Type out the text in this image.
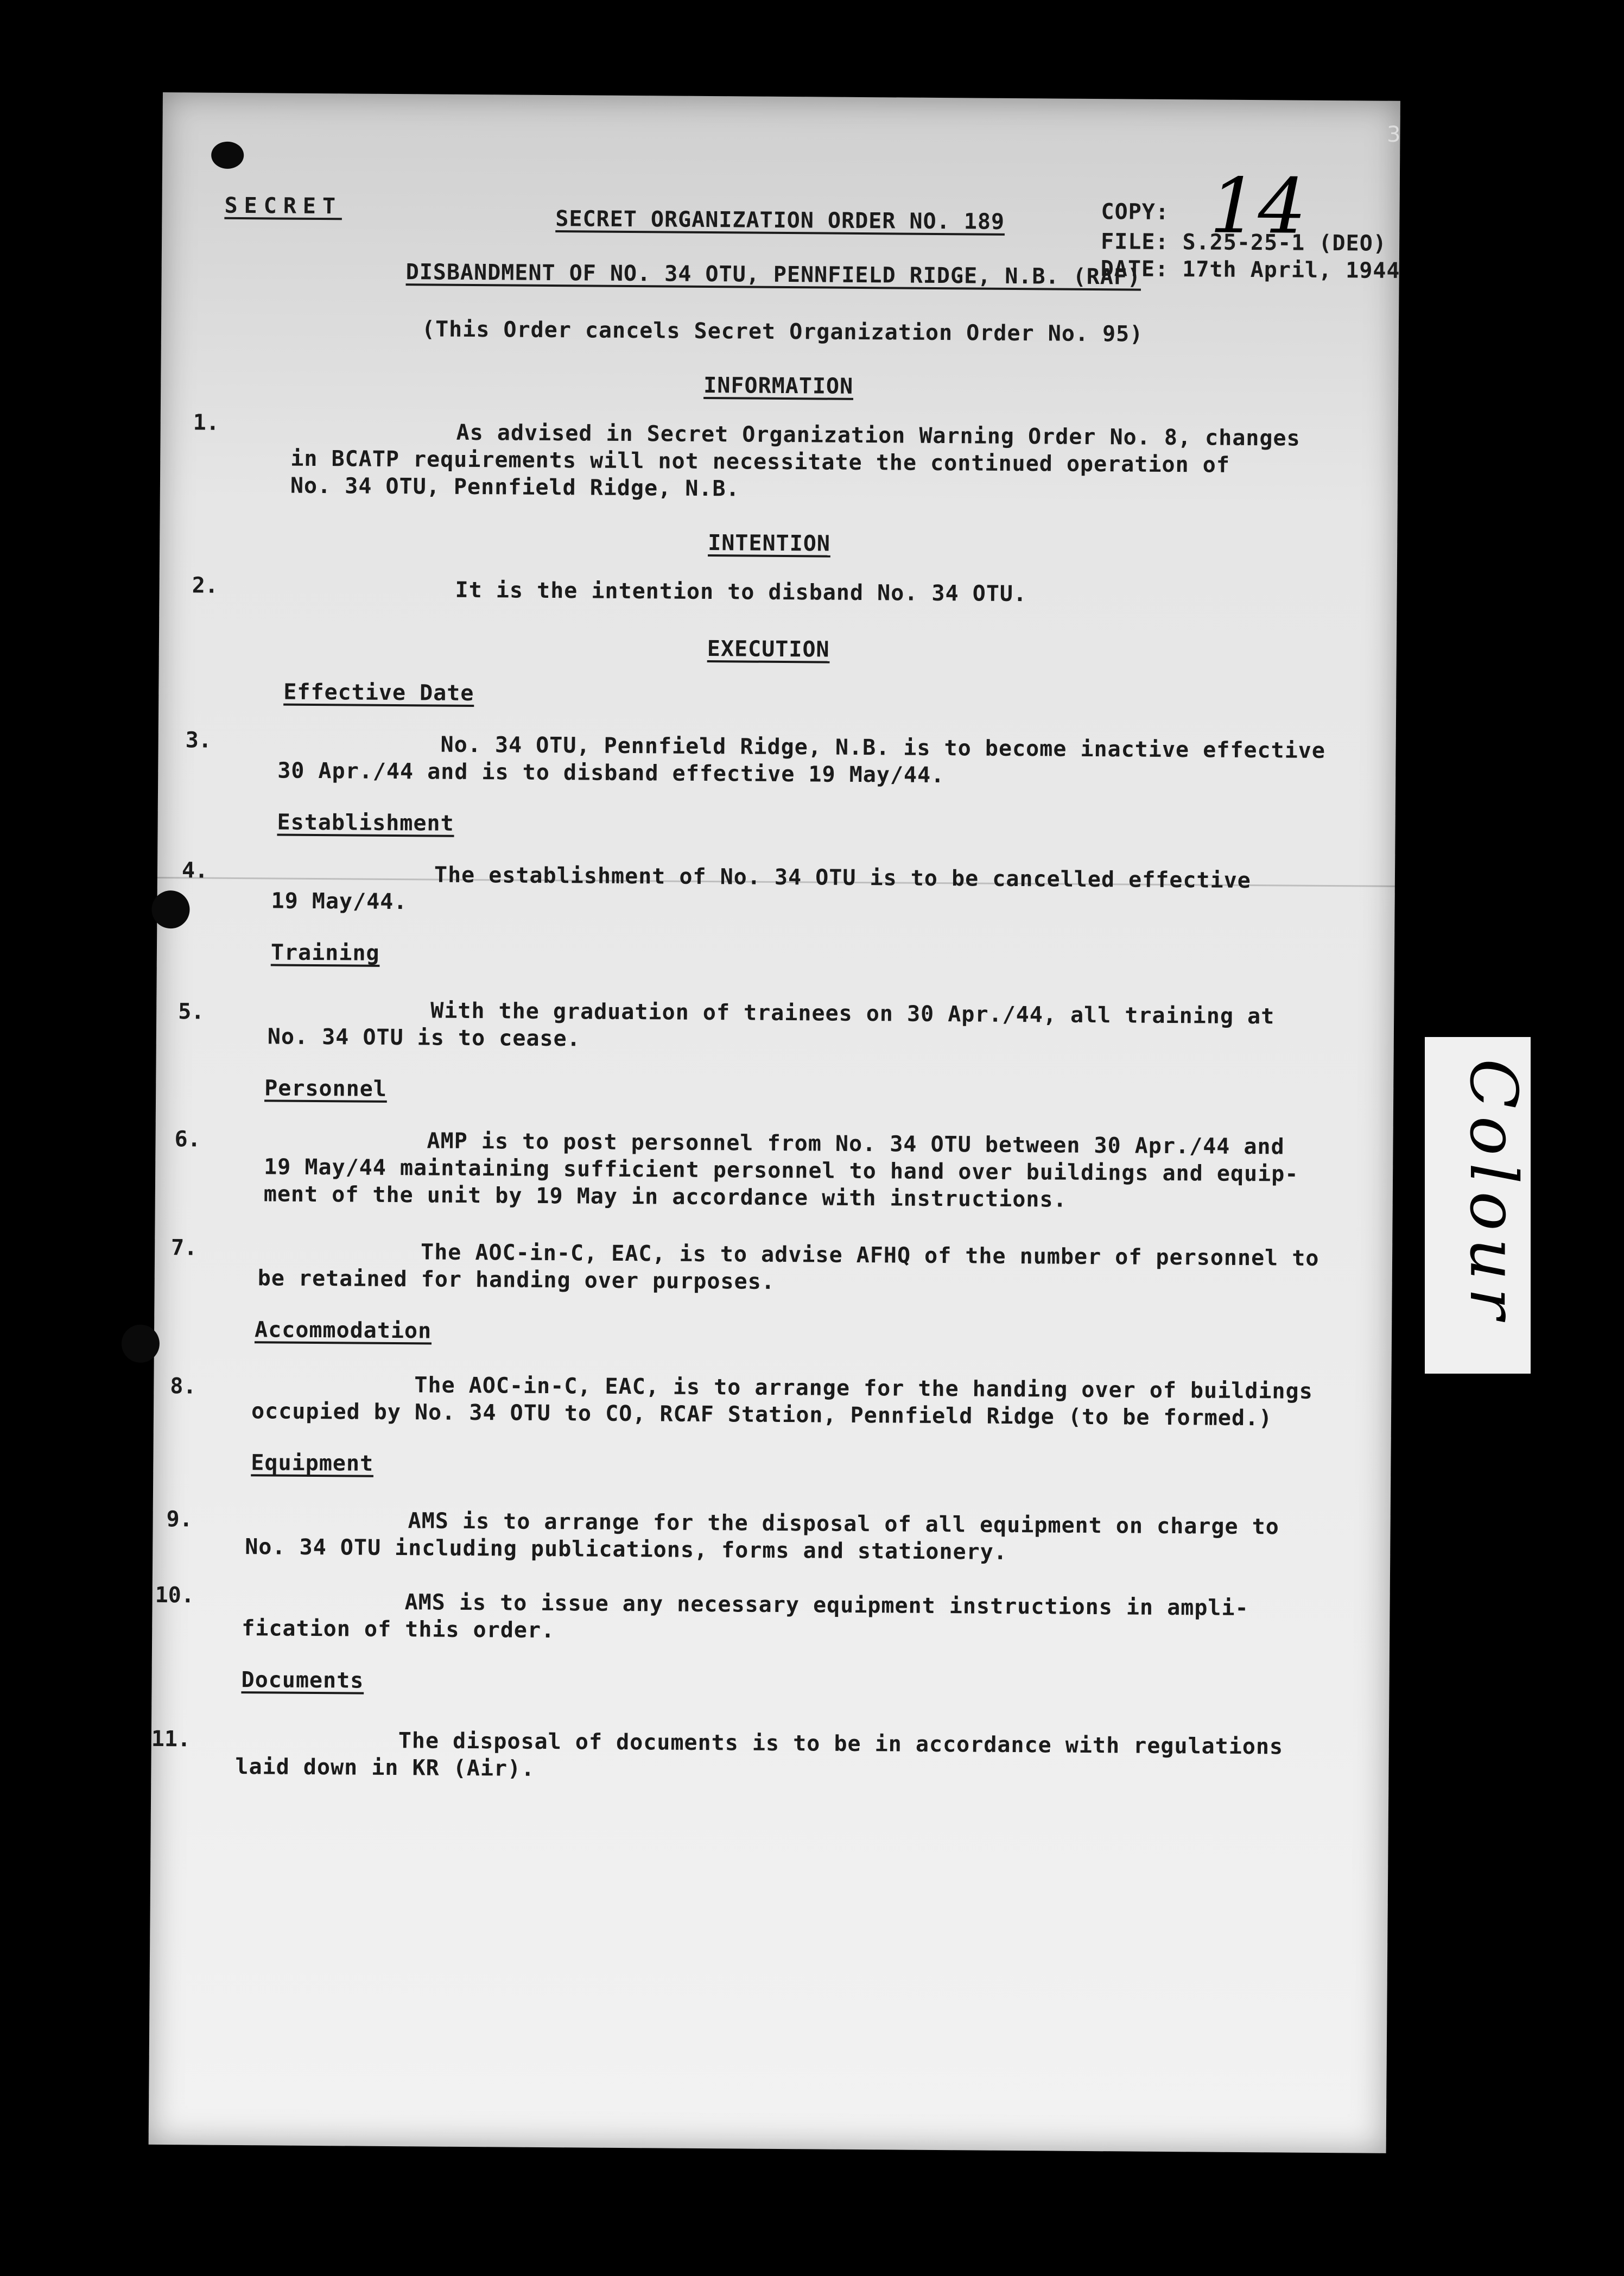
SECRET
SECRET ORGANIZATION ORDER NO. 189	COPY: 14
FILE: S.25-25-1 (DEO)
DATE: 17th April, 1944
DISBANDMENT OF NO. 34 OTU, PENNFIELD RIDGE, N.B. (RAF)
(This Order cancels Secret Organization Order No. 95)
INFORMATION
1.	As advised in Secret Organization Warning Order No. 8, changes
in BCATP requirements will not necessitate the continued operation of
No. 34 OTU, Pennfield Ridge, N.B.
INTENTION
2.	It is the intention to disband No. 34 OTU.
EXECUTION
Effective Date
3.	No. 34 OTU, Pennfield Ridge, N.B. is to become inactive effective
30 Apr./44 and is to disband effective 19 May/44.
Establishment
4.	The establishment of No. 34 OTU is to be cancelled effective
19 May/44.
Training
5.	With the graduation of trainees on 30 Apr./44, all training at
No. 34 OTU is to cease.
Personnel
6.	AMP is to post personnel from No. 34 OTU between 30 Apr./44 and
19 May/44 maintaining sufficient personnel to hand over buildings and equip-
ment of the unit by 19 May in accordance with instructions.
7.	The AOC-in-C, EAC, is to advise AFHQ of the number of personnel to
be retained for handing over purposes.
Accommodation
8.	The AOC-in-C, EAC, is to arrange for the handing over of buildings
occupied by No. 34 OTU to CO, RCAF Station, Pennfield Ridge (to be formed.)
Equipment
9.	AMS is to arrange for the disposal of all equipment on charge to
No. 34 OTU including publications, forms and stationery.
10.	AMS is to issue any necessary equipment instructions in ampli-
fication of this order.
Documents
11.	The disposal of documents is to be in accordance with regulations
laid down in KR (Air).
3
Colour
